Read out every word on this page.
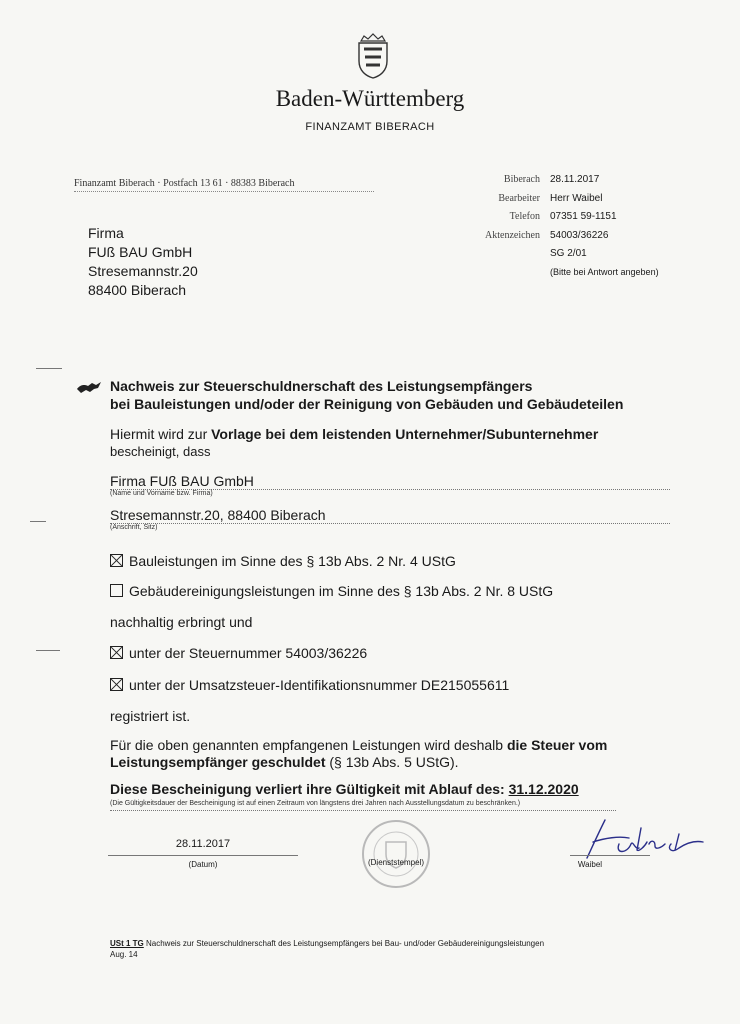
Baden-Württemberg
FINANZAMT BIBERACH
Finanzamt Biberach · Postfach 13 61 · 88383 Biberach	Biberach	28.11.2017
Bearbeiter	Herr Waibel
Telefon	07351 59-1151
Aktenzeichen	54003/36226
SG 2/01
(Bitte bei Antwort angeben)
Firma
FUß BAU GmbH
Stresemannstr.20
88400 Biberach
Nachweis zur Steuerschuldnerschaft des Leistungsempfängers
bei Bauleistungen und/oder der Reinigung von Gebäuden und Gebäudeteilen
Hiermit wird zur Vorlage bei dem leistenden Unternehmer/Subunternehmer
bescheinigt, dass
Firma FUß BAU GmbH
(Name und Vorname bzw. Firma)
Stresemannstr.20, 88400 Biberach
(Anschrift, Sitz)
Bauleistungen im Sinne des § 13b Abs. 2 Nr. 4 UStG
Gebäudereinigungsleistungen im Sinne des § 13b Abs. 2 Nr. 8 UStG
nachhaltig erbringt und
unter der Steuernummer 54003/36226
unter der Umsatzsteuer-Identifikationsnummer DE215055611
registriert ist.
Für die oben genannten empfangenen Leistungen wird deshalb die Steuer vom Leistungsempfänger geschuldet (§ 13b Abs. 5 UStG).
Diese Bescheinigung verliert ihre Gültigkeit mit Ablauf des: 31.12.2020
(Die Gültigkeitsdauer der Bescheinigung ist auf einen Zeitraum von längstens drei Jahren nach Ausstellungsdatum zu beschränken.)
28.11.2017
(Datum)	(Dienststempel)	Waibel
USt 1 TG Nachweis zur Steuerschuldnerschaft des Leistungsempfängers bei Bau- und/oder Gebäudereinigungsleistungen
Aug. 14
